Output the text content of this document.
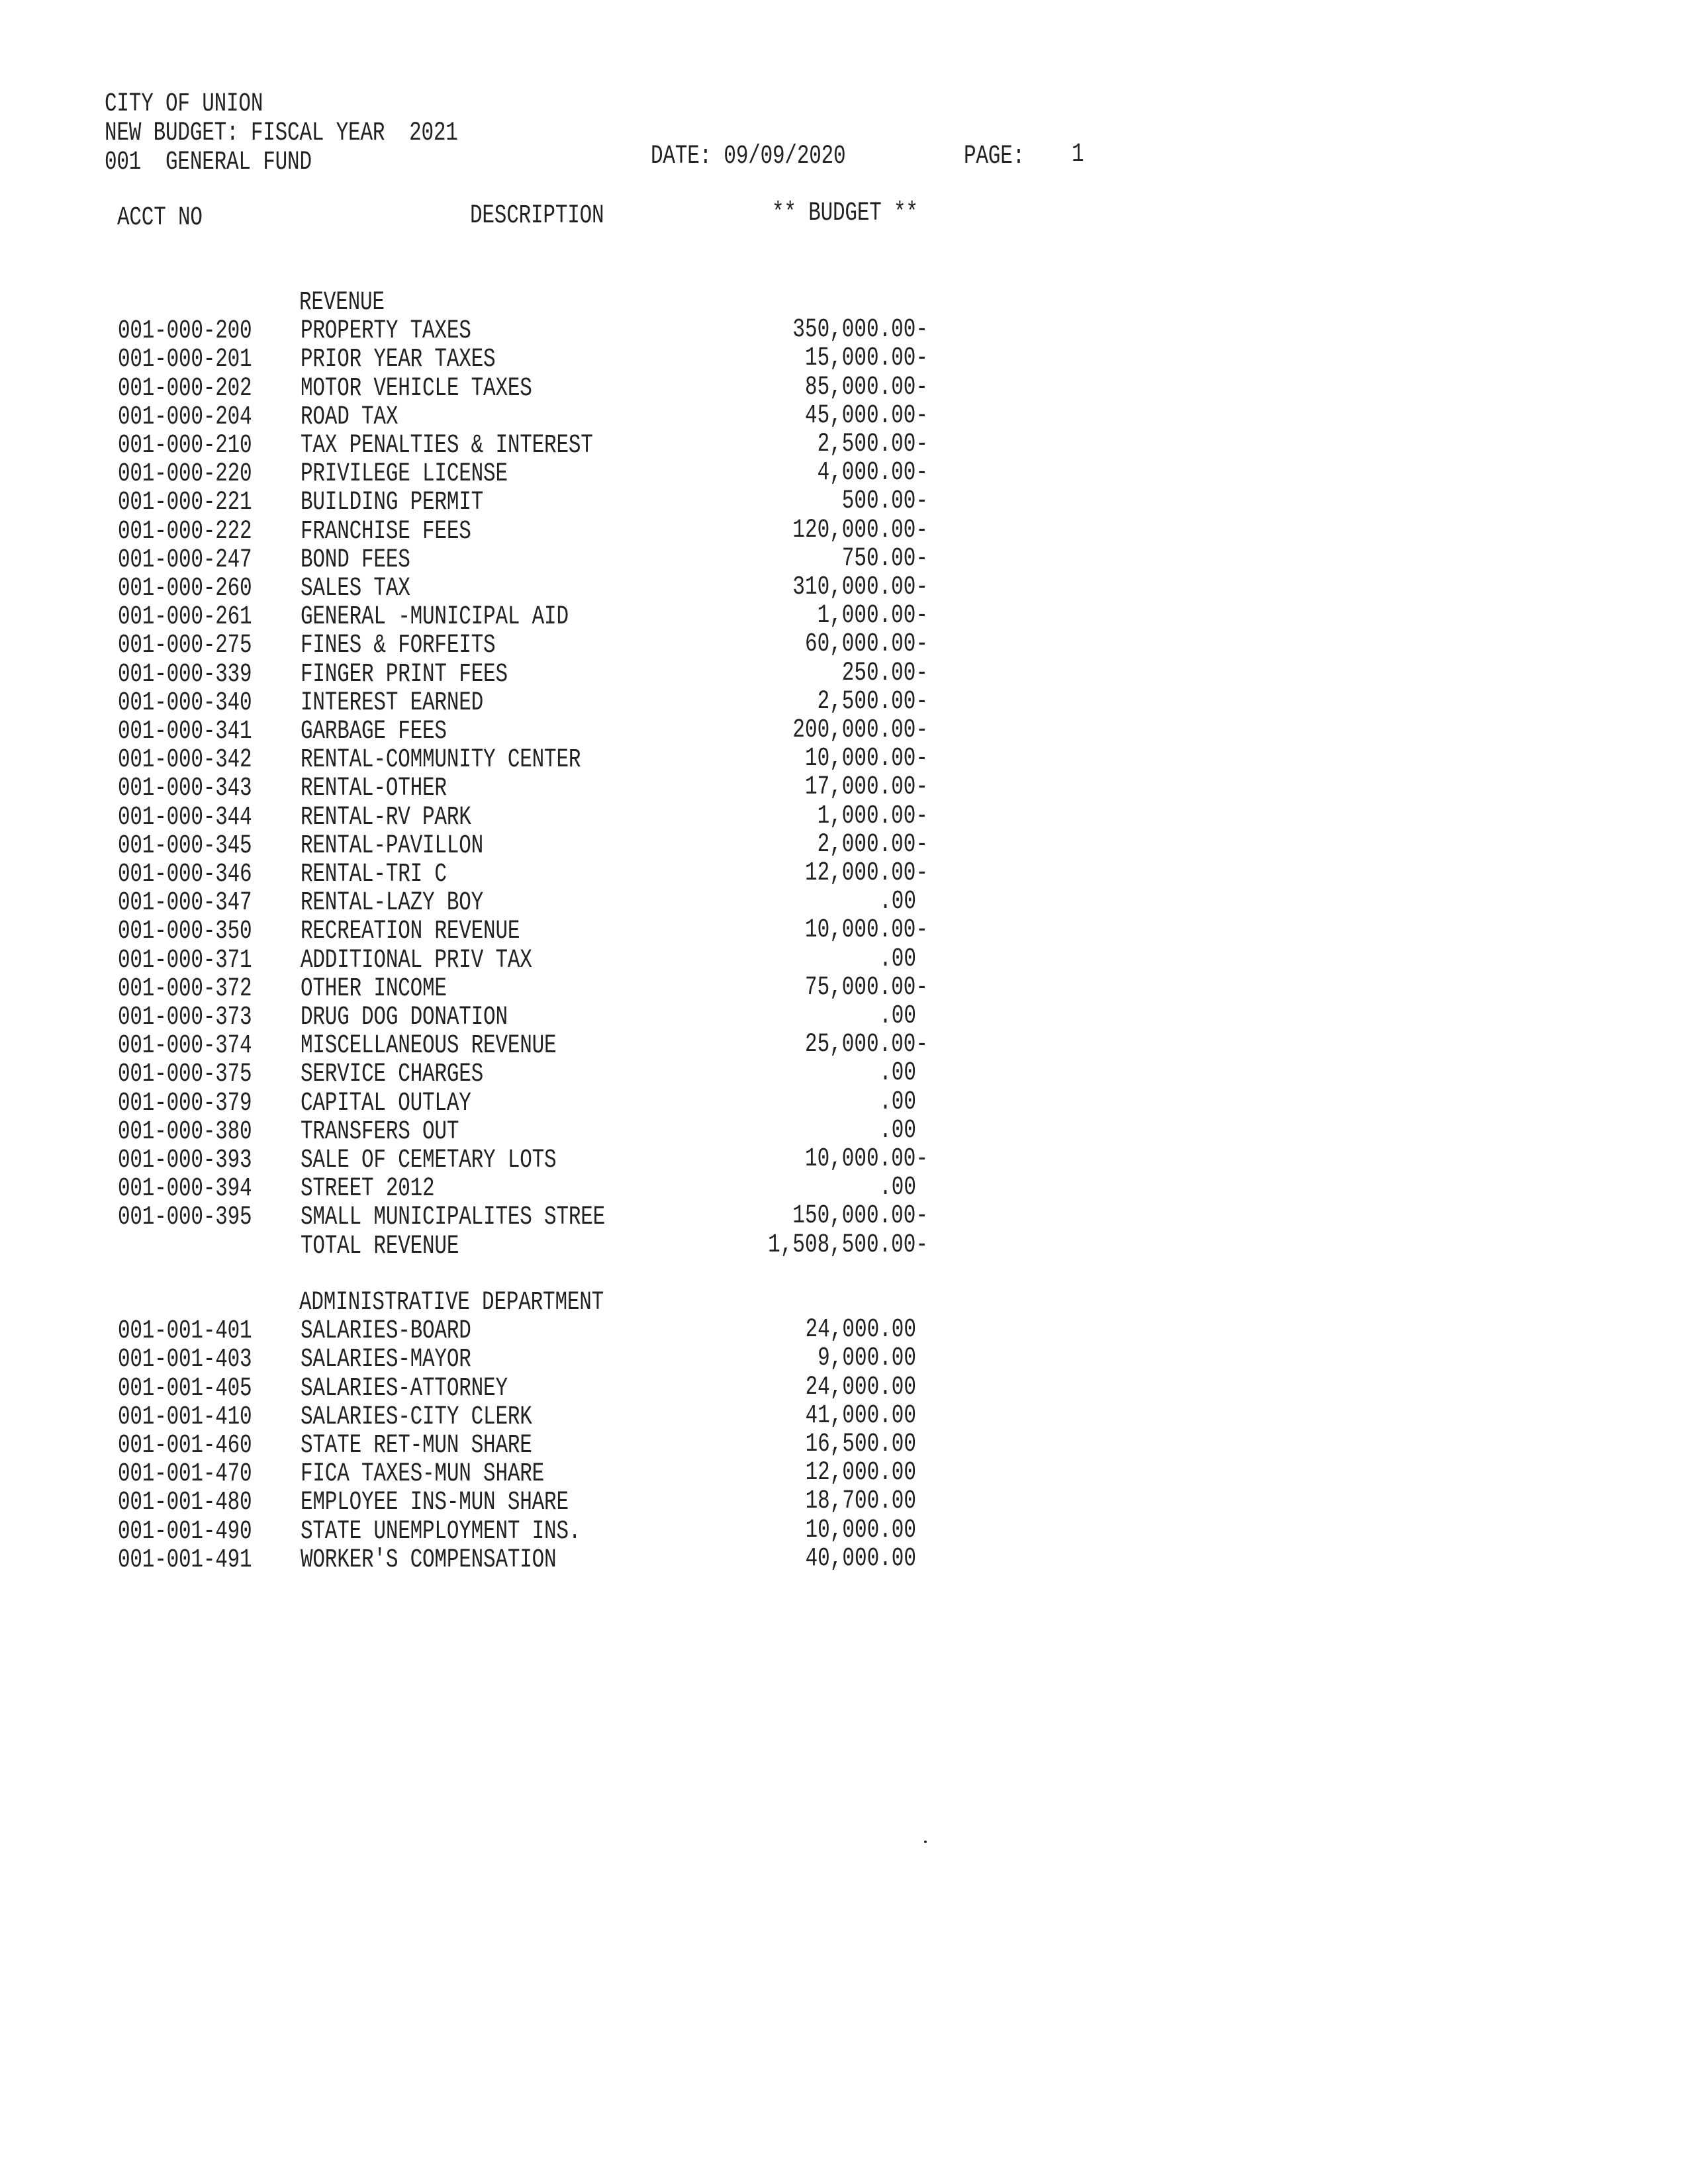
CITY OF UNION
NEW BUDGET: FISCAL YEAR  2021
001  GENERAL FUND	DATE: 09/09/2020	PAGE: 1
ACCT NO	DESCRIPTION	** BUDGET **
REVENUE
001-000-200 PROPERTY TAXES	350,000.00-
001-000-201 PRIOR YEAR TAXES	15,000.00-
001-000-202 MOTOR VEHICLE TAXES	85,000.00-
001-000-204 ROAD TAX	45,000.00-
001-000-210 TAX PENALTIES & INTEREST	2,500.00-
001-000-220 PRIVILEGE LICENSE	4,000.00-
001-000-221 BUILDING PERMIT	500.00-
001-000-222 FRANCHISE FEES	120,000.00-
001-000-247 BOND FEES	750.00-
001-000-260 SALES TAX	310,000.00-
001-000-261 GENERAL -MUNICIPAL AID	1,000.00-
001-000-275 FINES & FORFEITS	60,000.00-
001-000-339 FINGER PRINT FEES	250.00-
001-000-340 INTEREST EARNED	2,500.00-
001-000-341 GARBAGE FEES	200,000.00-
001-000-342 RENTAL-COMMUNITY CENTER	10,000.00-
001-000-343 RENTAL-OTHER	17,000.00-
001-000-344 RENTAL-RV PARK	1,000.00-
001-000-345 RENTAL-PAVILLON	2,000.00-
001-000-346 RENTAL-TRI C	12,000.00-
001-000-347 RENTAL-LAZY BOY	.00
001-000-350 RECREATION REVENUE	10,000.00-
001-000-371 ADDITIONAL PRIV TAX	.00
001-000-372 OTHER INCOME	75,000.00-
001-000-373 DRUG DOG DONATION	.00
001-000-374 MISCELLANEOUS REVENUE	25,000.00-
001-000-375 SERVICE CHARGES	.00
001-000-379 CAPITAL OUTLAY	.00
001-000-380 TRANSFERS OUT	.00
001-000-393 SALE OF CEMETARY LOTS	10,000.00-
001-000-394 STREET 2012	.00
001-000-395 SMALL MUNICIPALITES STREE	150,000.00-
TOTAL REVENUE	1,508,500.00-
ADMINISTRATIVE DEPARTMENT
001-001-401 SALARIES-BOARD	24,000.00
001-001-403 SALARIES-MAYOR	9,000.00
001-001-405 SALARIES-ATTORNEY	24,000.00
001-001-410 SALARIES-CITY CLERK	41,000.00
001-001-460 STATE RET-MUN SHARE	16,500.00
001-001-470 FICA TAXES-MUN SHARE	12,000.00
001-001-480 EMPLOYEE INS-MUN SHARE	18,700.00
001-001-490 STATE UNEMPLOYMENT INS.	10,000.00
001-001-491 WORKER'S COMPENSATION	40,000.00
